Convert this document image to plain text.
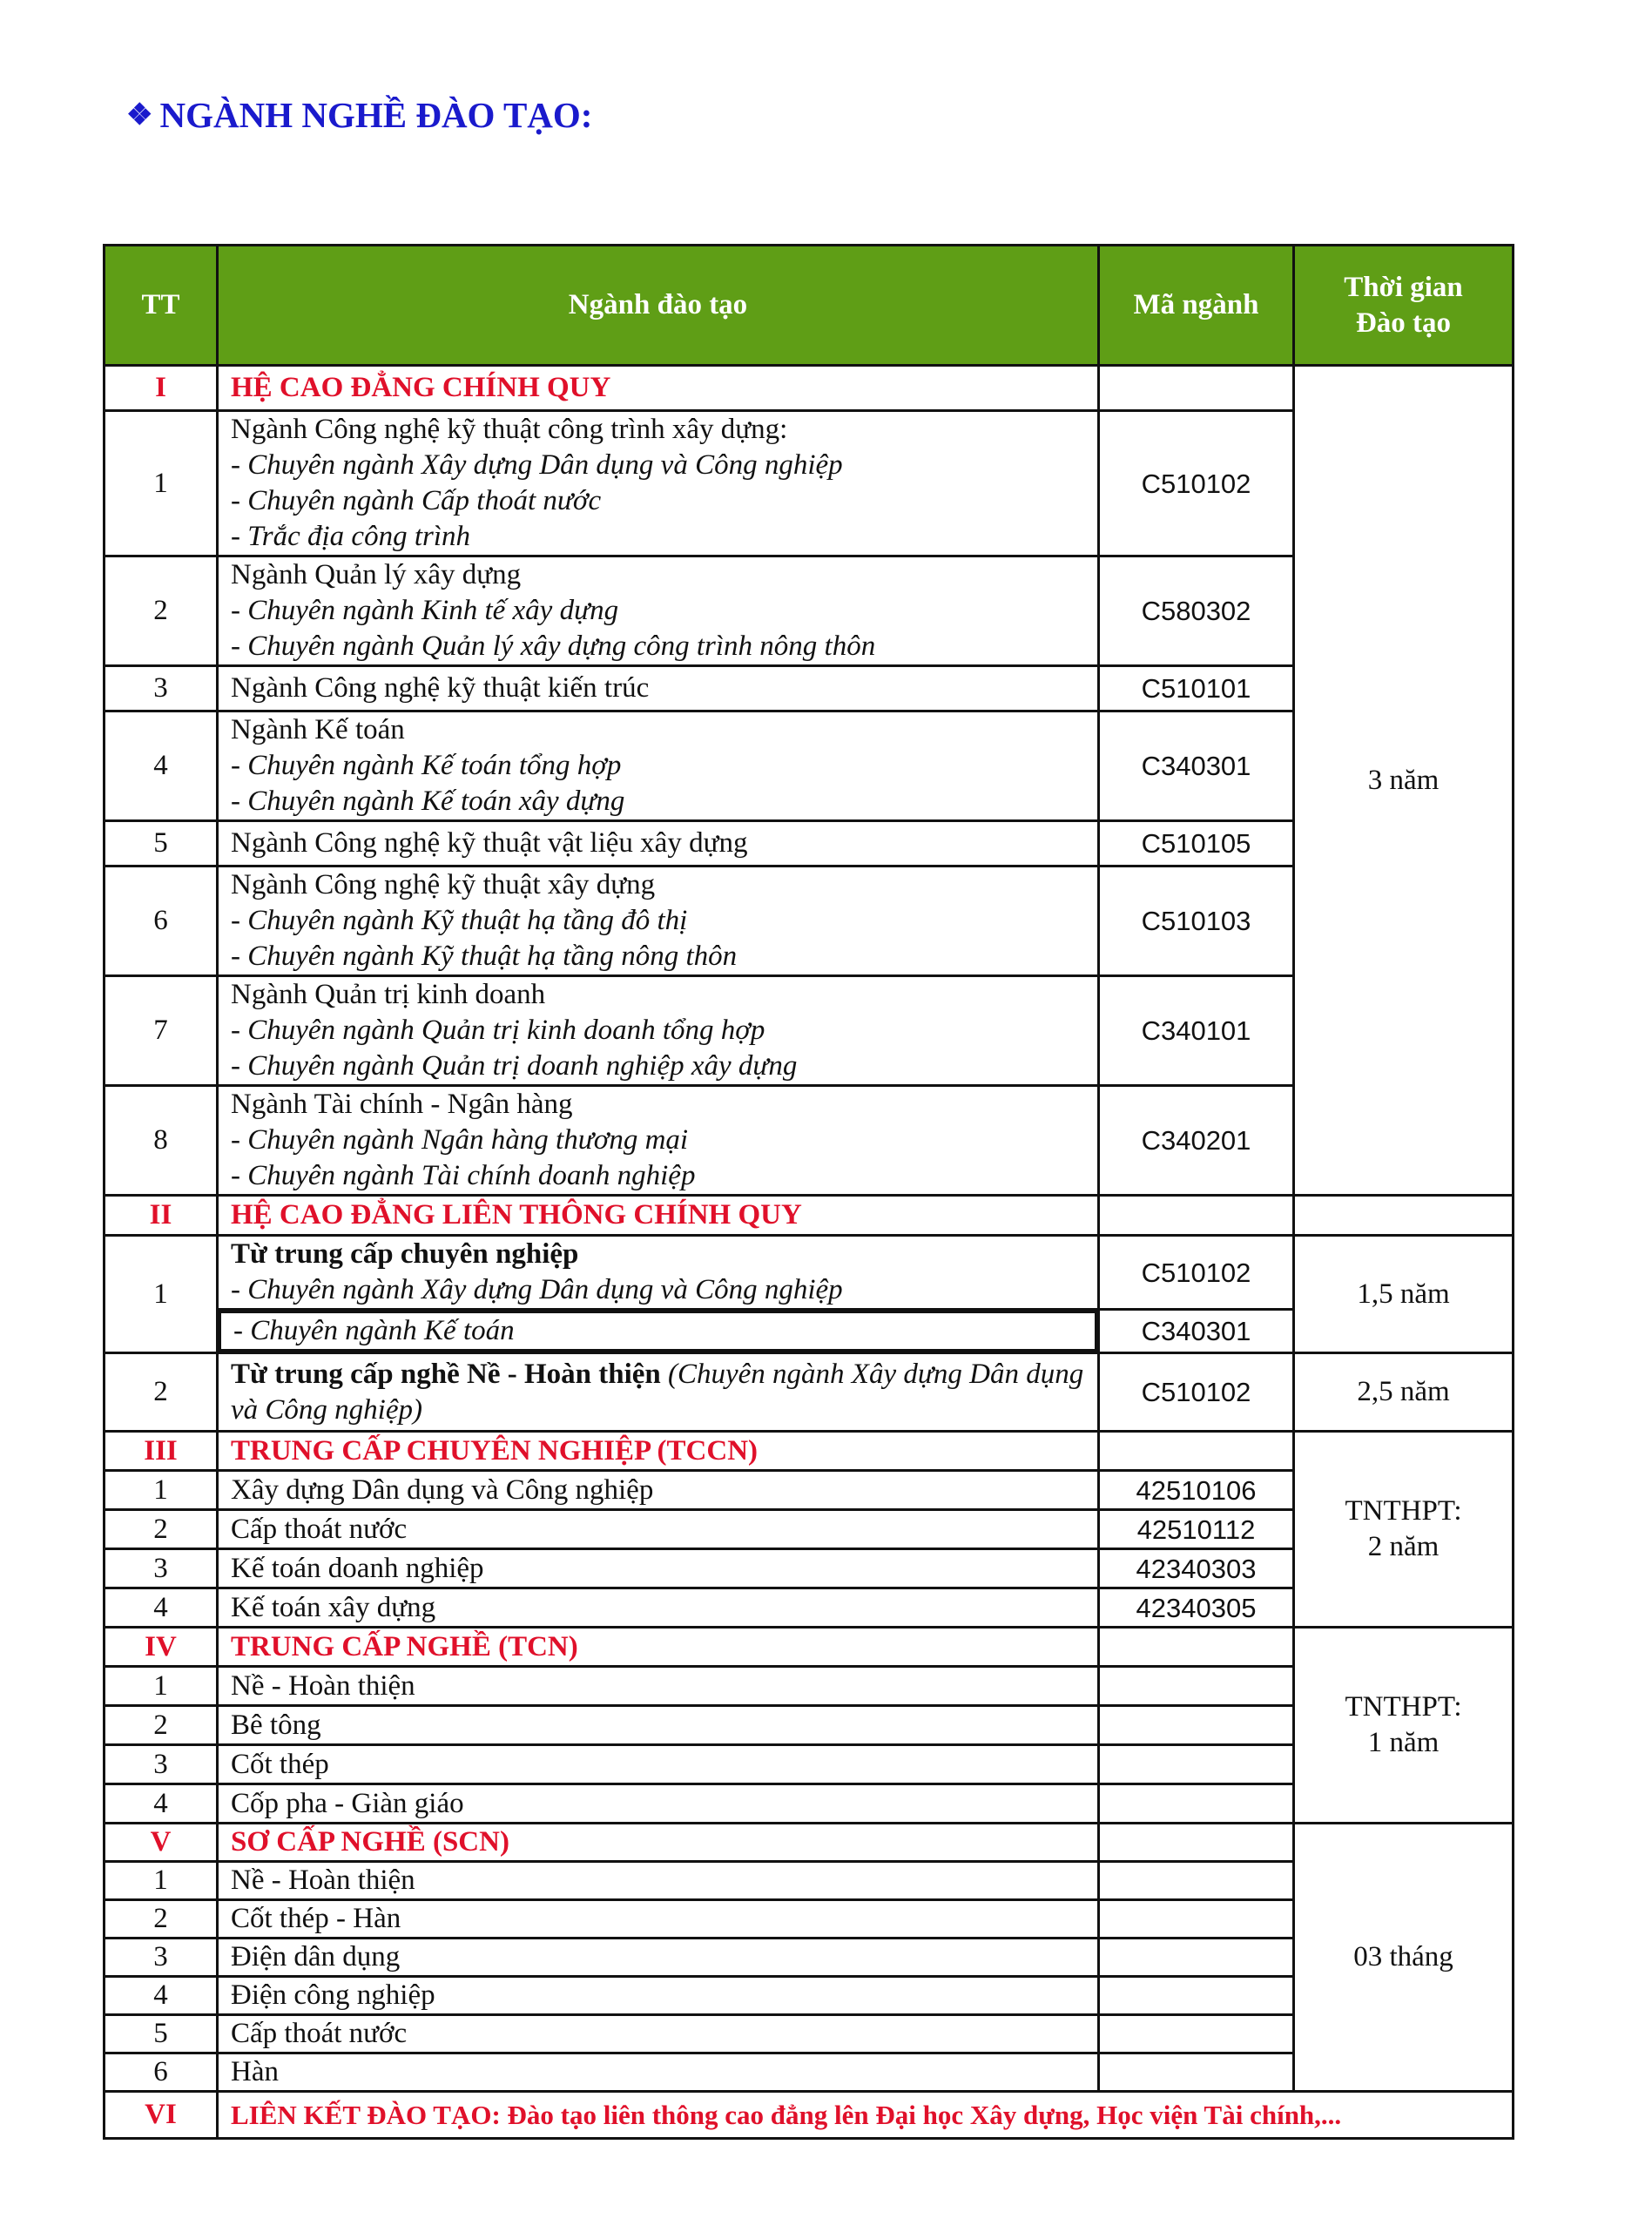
❖ NGÀNH NGHỀ ĐÀO TẠO:
TT	Ngành đào tạo	Mã ngành	Thời gian
Đào tạo

I	HỆ CAO ĐẲNG CHÍNH QUY		3 năm
1	Ngành Công nghệ kỹ thuật công trình xây dựng:
- Chuyên ngành Xây dựng Dân dụng và Công nghiệp
- Chuyên ngành Cấp thoát nước
- Trắc địa công trình	C510102	
2	Ngành Quản lý xây dựng
- Chuyên ngành Kinh tế xây dựng
- Chuyên ngành Quản lý xây dựng công trình nông thôn	C580302	
3	Ngành Công nghệ kỹ thuật kiến trúc	C510101	
4	Ngành Kế toán
- Chuyên ngành Kế toán tổng hợp
- Chuyên ngành Kế toán xây dựng	C340301	
5	Ngành Công nghệ kỹ thuật vật liệu xây dựng	C510105	
6	Ngành Công nghệ kỹ thuật xây dựng
- Chuyên ngành Kỹ thuật hạ tầng đô thị
- Chuyên ngành Kỹ thuật hạ tầng nông thôn	C510103	
7	Ngành Quản trị kinh doanh
- Chuyên ngành Quản trị kinh doanh tổng hợp
- Chuyên ngành Quản trị doanh nghiệp xây dựng	C340101	
8	Ngành Tài chính - Ngân hàng
- Chuyên ngành Ngân hàng thương mại
- Chuyên ngành Tài chính doanh nghiệp	C340201	
II	HỆ CAO ĐẲNG LIÊN THÔNG CHÍNH QUY		
1	Từ trung cấp chuyên nghiệp
- Chuyên ngành Xây dựng Dân dụng và Công nghiệp	C510102	1,5 năm

- Chuyên ngành Kế toán	C340301	
2	Từ trung cấp nghề Nề - Hoàn thiện (Chuyên ngành Xây dựng Dân dụng và Công nghiệp)	C510102	2,5 năm
III	TRUNG CẤP CHUYÊN NGHIỆP (TCCN)		TNTHPT:
2 năm

1	Xây dựng Dân dụng và Công nghiệp	42510106	
2	Cấp thoát nước	42510112	
3	Kế toán doanh nghiệp	42340303	
4	Kế toán xây dựng	42340305	
IV	TRUNG CẤP NGHỀ (TCN)		TNTHPT:
1 năm

1	Nề - Hoàn thiện		
2	Bê tông		
3	Cốt thép		
4	Cốp pha - Giàn giáo		
V	SƠ CẤP NGHỀ (SCN)		03 tháng
1	Nề - Hoàn thiện		
2	Cốt thép - Hàn		
3	Điện dân dụng		
4	Điện công nghiệp		
5	Cấp thoát nước		
6	Hàn		
VI	LIÊN KẾT ĐÀO TẠO: Đào tạo liên thông cao đẳng lên Đại học Xây dựng, Học viện Tài chính,...		
